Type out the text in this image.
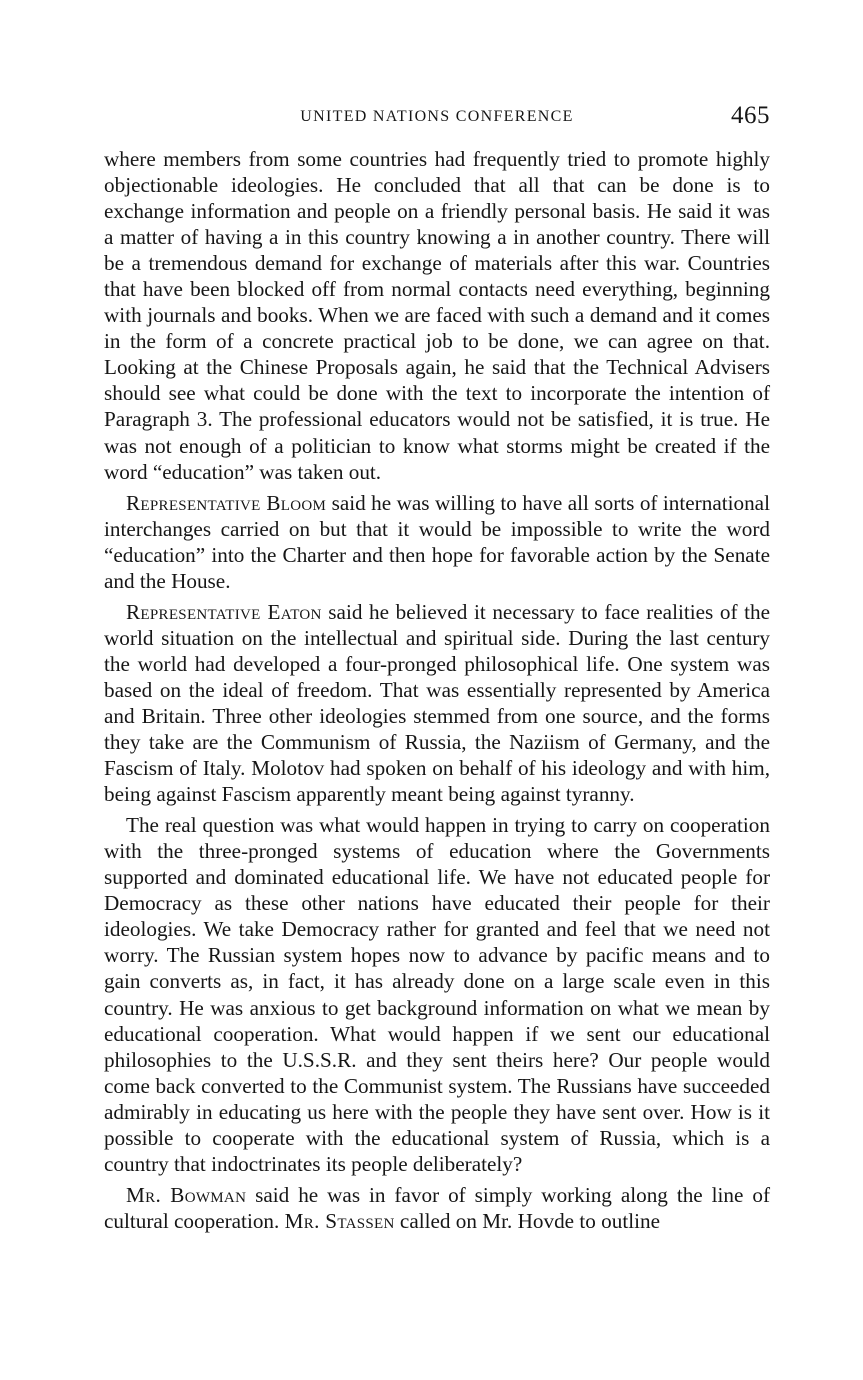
UNITED NATIONS CONFERENCE	465

where members from some countries had frequently tried to promote highly objectionable ideologies. He concluded that all that can be done is to exchange information and people on a friendly personal basis. He said it was a matter of having a in this country knowing a in another country. There will be a tremendous demand for exchange of materials after this war. Countries that have been blocked off from normal contacts need everything, beginning with journals and books. When we are faced with such a demand and it comes in the form of a concrete practical job to be done, we can agree on that. Looking at the Chinese Proposals again, he said that the Technical Advisers should see what could be done with the text to incorporate the intention of Paragraph 3. The professional educators would not be satisfied, it is true. He was not enough of a politician to know what storms might be created if the word “education” was taken out.

Representative Bloom said he was willing to have all sorts of international interchanges carried on but that it would be impossible to write the word “education” into the Charter and then hope for favorable action by the Senate and the House.

Representative Eaton said he believed it necessary to face realities of the world situation on the intellectual and spiritual side. During the last century the world had developed a four-pronged philosophical life. One system was based on the ideal of freedom. That was essentially represented by America and Britain. Three other ideologies stemmed from one source, and the forms they take are the Communism of Russia, the Naziism of Germany, and the Fascism of Italy. Molotov had spoken on behalf of his ideology and with him, being against Fascism apparently meant being against tyranny.

The real question was what would happen in trying to carry on cooperation with the three-pronged systems of education where the Governments supported and dominated educational life. We have not educated people for Democracy as these other nations have educated their people for their ideologies. We take Democracy rather for granted and feel that we need not worry. The Russian system hopes now to advance by pacific means and to gain converts as, in fact, it has already done on a large scale even in this country. He was anxious to get background information on what we mean by educational cooperation. What would happen if we sent our educational philosophies to the U.S.S.R. and they sent theirs here? Our people would come back converted to the Communist system. The Russians have succeeded admirably in educating us here with the people they have sent over. How is it possible to cooperate with the educational system of Russia, which is a country that indoctrinates its people deliberately?

Mr. Bowman said he was in favor of simply working along the line of cultural cooperation. Mr. Stassen called on Mr. Hovde to outline
